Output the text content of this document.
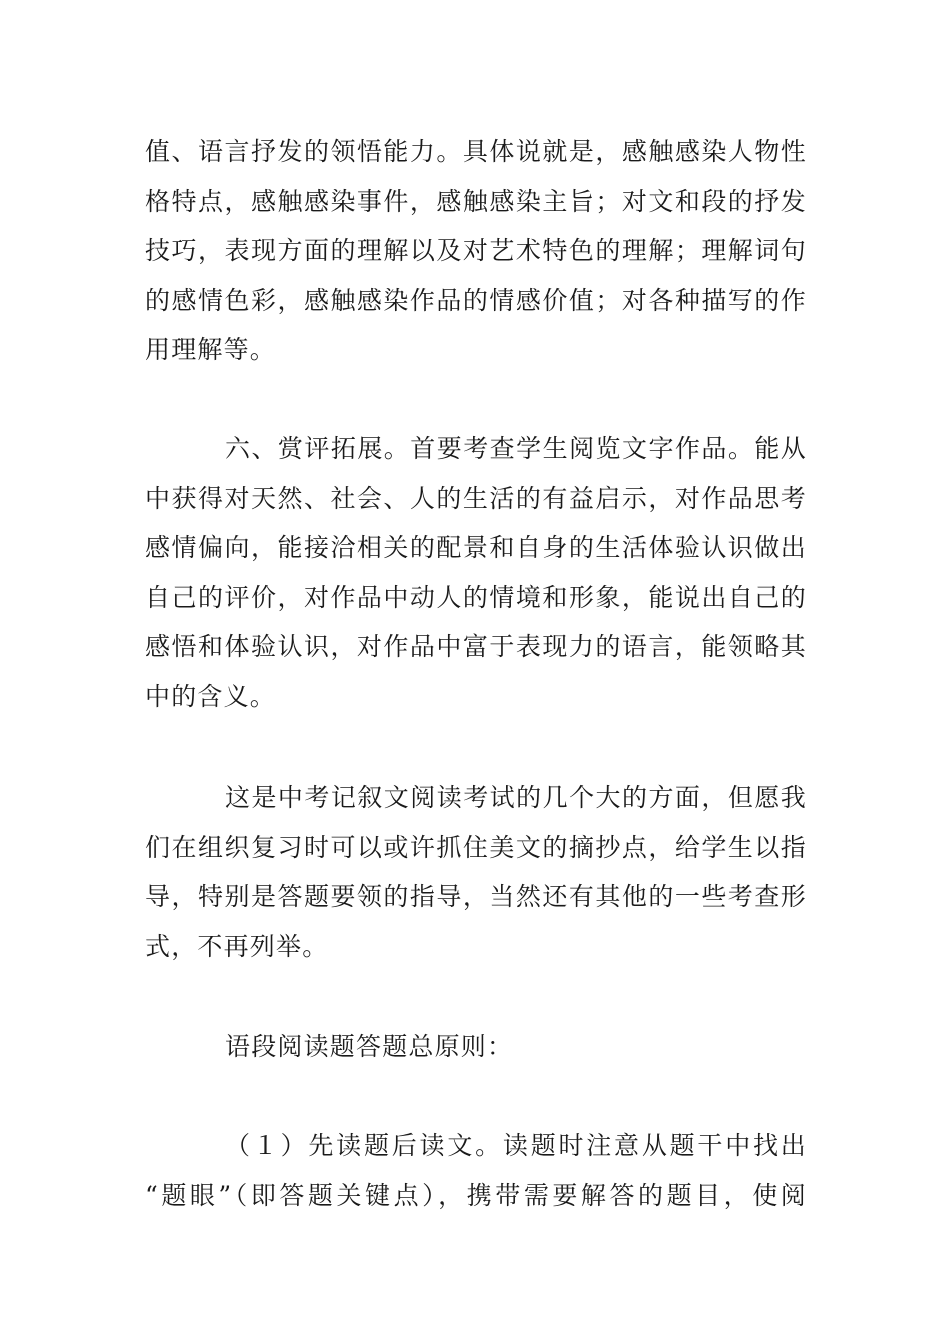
值、语言抒发的领悟能力。具体说就是，感触感染人物性
格特点，感触感染事件，感触感染主旨；对文和段的抒发
技巧，表现方面的理解以及对艺术特色的理解；理解词句
的感情色彩，感触感染作品的情感价值；对各种描写的作
用理解等。
六、赏评拓展。首要考查学生阅览文字作品。能从
中获得对天然、社会、人的生活的有益启示，对作品思考
感情偏向，能接洽相关的配景和自身的生活体验认识做出
自己的评价，对作品中动人的情境和形象，能说出自己的
感悟和体验认识，对作品中富于表现力的语言，能领略其
中的含义。
这是中考记叙文阅读考试的几个大的方面，但愿我
们在组织复习时可以或许抓住美文的摘抄点，给学生以指
导，特别是答题要领的指导，当然还有其他的一些考查形
式，不再列举。
语段阅读题答题总原则：
（１）先读题后读文。读题时注意从题干中找出
“题眼”（即答题关键点），携带需要解答的题目，使阅
